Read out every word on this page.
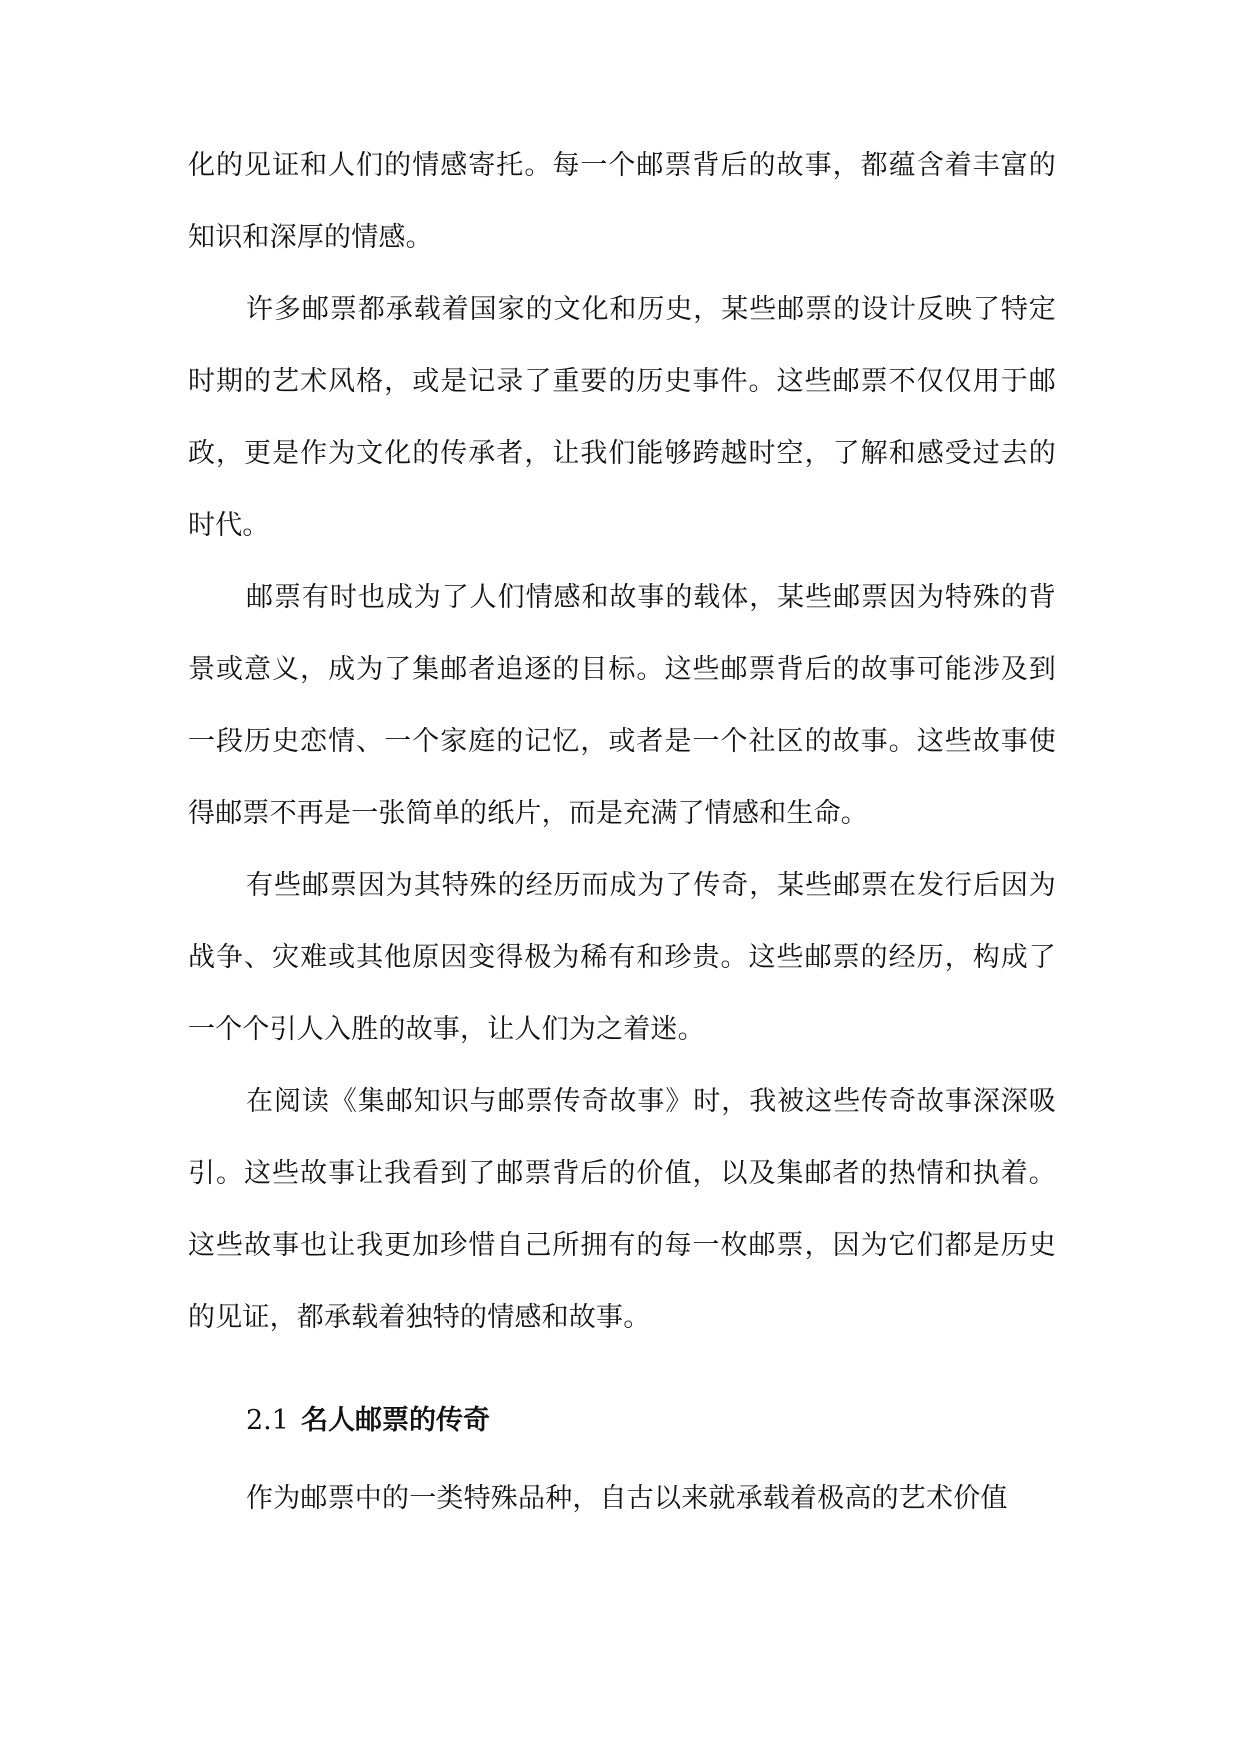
化的见证和人们的情感寄托。每一个邮票背后的故事，都蕴含着丰富的知识和深厚的情感。

许多邮票都承载着国家的文化和历史，某些邮票的设计反映了特定时期的艺术风格，或是记录了重要的历史事件。这些邮票不仅仅用于邮政，更是作为文化的传承者，让我们能够跨越时空，了解和感受过去的时代。

邮票有时也成为了人们情感和故事的载体，某些邮票因为特殊的背景或意义，成为了集邮者追逐的目标。这些邮票背后的故事可能涉及到一段历史恋情、一个家庭的记忆，或者是一个社区的故事。这些故事使得邮票不再是一张简单的纸片，而是充满了情感和生命。

有些邮票因为其特殊的经历而成为了传奇，某些邮票在发行后因为战争、灾难或其他原因变得极为稀有和珍贵。这些邮票的经历，构成了一个个引人入胜的故事，让人们为之着迷。

在阅读《集邮知识与邮票传奇故事》时，我被这些传奇故事深深吸引。这些故事让我看到了邮票背后的价值，以及集邮者的热情和执着。这些故事也让我更加珍惜自己所拥有的每一枚邮票，因为它们都是历史的见证，都承载着独特的情感和故事。

2.1 名人邮票的传奇

作为邮票中的一类特殊品种，自古以来就承载着极高的艺术价值
